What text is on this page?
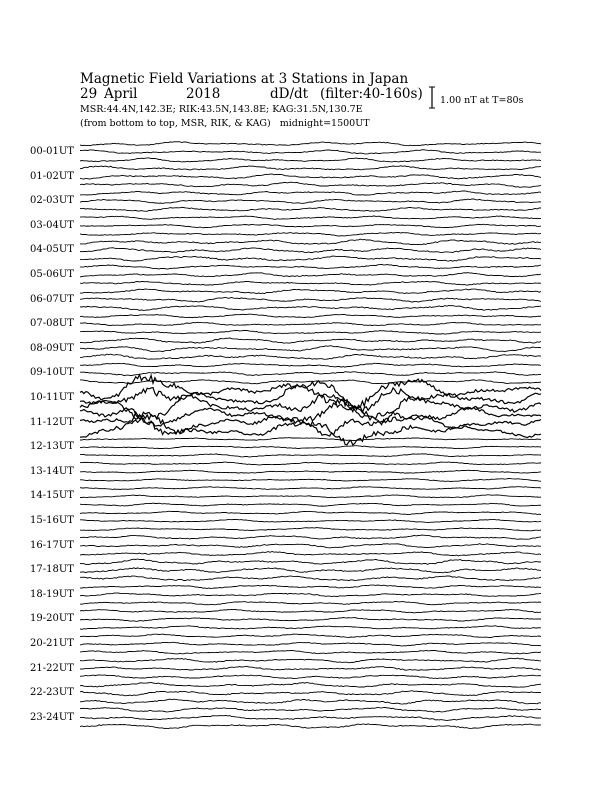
Magnetic Field Variations at 3 Stations in Japan
29 April	2018	dD/dt (filter:40-160s)
MSR:44.4N,142.3E; RIK:43.5N,143.8E; KAG:31.5N,130.7E
(from bottom to top, MSR, RIK, & KAG) midnight=1500UT
1.00 nT at T=80s
00-01UT
01-02UT
02-03UT
03-04UT
04-05UT
05-06UT
06-07UT
07-08UT
08-09UT
09-10UT
10-11UT
11-12UT
12-13UT
13-14UT
14-15UT
15-16UT
16-17UT
17-18UT
18-19UT
19-20UT
20-21UT
21-22UT
22-23UT
23-24UT
